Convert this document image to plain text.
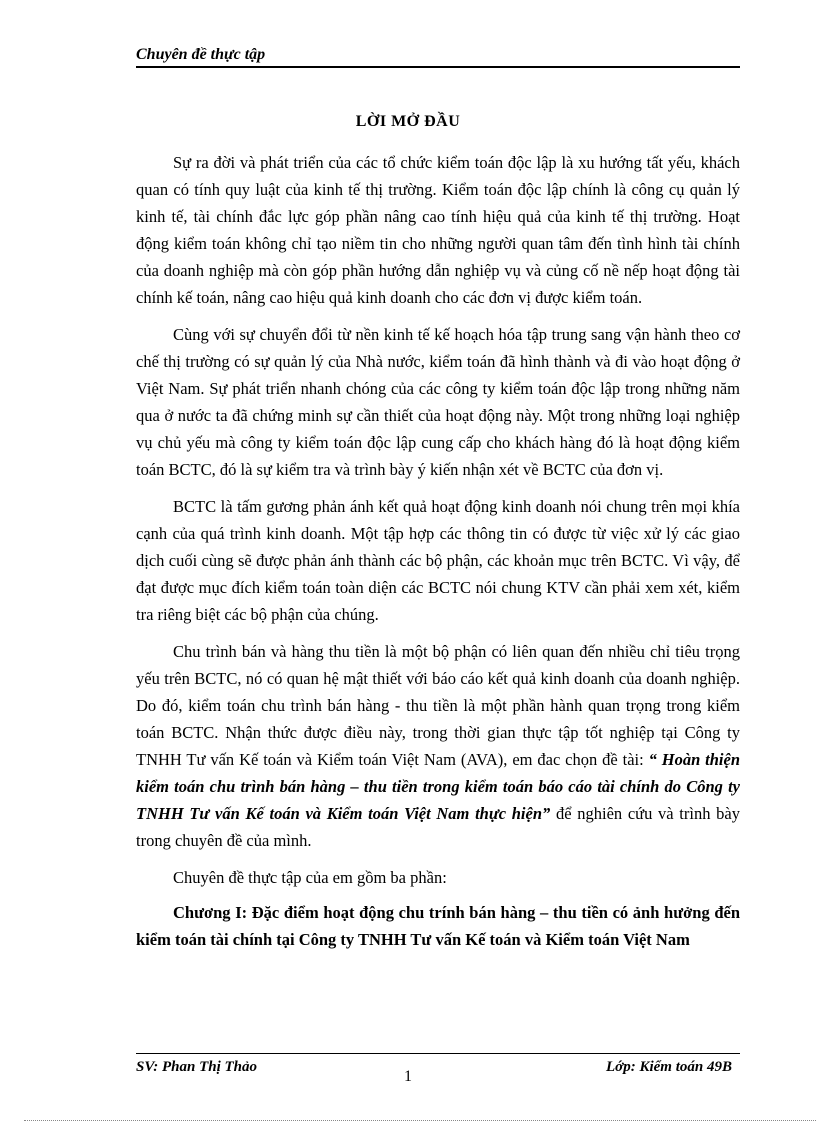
Chuyên đề thực tập
LỜI MỞ ĐẦU

Sự ra đời và phát triển của các tổ chức kiểm toán độc lập là xu hướng tất yếu, khách quan có tính quy luật của kinh tế thị trường. Kiểm toán độc lập chính là công cụ quản lý kinh tế, tài chính đắc lực góp phần nâng cao tính hiệu quả của kinh tế thị trường. Hoạt động kiểm toán không chỉ tạo niềm tin cho những người quan tâm đến tình hình tài chính của doanh nghiệp mà còn góp phần hướng dẫn nghiệp vụ và củng cố nề nếp hoạt động tài chính kế toán, nâng cao hiệu quả kinh doanh cho các đơn vị được kiểm toán.

Cùng với sự chuyển đổi từ nền kinh tế kế hoạch hóa tập trung sang vận hành theo cơ chế thị trường có sự quản lý của Nhà nước, kiểm toán đã hình thành và đi vào hoạt động ở Việt Nam. Sự phát triển nhanh chóng của các công ty kiểm toán độc lập trong những năm qua ở nước ta đã chứng minh sự cần thiết của hoạt động này. Một trong những loại nghiệp vụ chủ yếu mà công ty kiểm toán độc lập cung cấp cho khách hàng đó là hoạt động kiểm toán BCTC, đó là sự kiểm tra và trình bày ý kiến nhận xét về BCTC của đơn vị.

BCTC là tấm gương phản ánh kết quả hoạt động kinh doanh nói chung trên mọi khía cạnh của quá trình kinh doanh. Một tập hợp các thông tin có được từ việc xử lý các giao dịch cuối cùng sẽ được phản ánh thành các bộ phận, các khoản mục trên BCTC. Vì vậy, để đạt được mục đích kiểm toán toàn diện các BCTC nói chung KTV cần phải xem xét, kiểm tra riêng biệt các bộ phận của chúng.

Chu trình bán và hàng thu tiền là một bộ phận có liên quan đến nhiều chỉ tiêu trọng yếu trên BCTC, nó có quan hệ mật thiết với báo cáo kết quả kinh doanh của doanh nghiệp. Do đó, kiểm toán chu trình bán hàng - thu tiền là một phần hành quan trọng trong kiểm toán BCTC. Nhận thức được điều này, trong thời gian thực tập tốt nghiệp tại Công ty TNHH Tư vấn Kế toán và Kiểm toán Việt Nam (AVA), em đac chọn đề tài: “ Hoàn thiện kiểm toán chu trình bán hàng – thu tiền trong kiểm toán báo cáo tài chính do Công ty TNHH Tư vấn Kế toán và Kiểm toán Việt Nam thực hiện” để nghiên cứu và trình bày trong chuyên đề của mình.

Chuyên đề thực tập của em gồm ba phần:

Chương I: Đặc điểm hoạt động chu trính bán hàng – thu tiền có ảnh hưởng đến kiểm toán tài chính tại Công ty TNHH Tư vấn Kế toán và Kiểm toán Việt Nam

SV: Phan Thị Thảo	Lớp: Kiểm toán 49B
1
